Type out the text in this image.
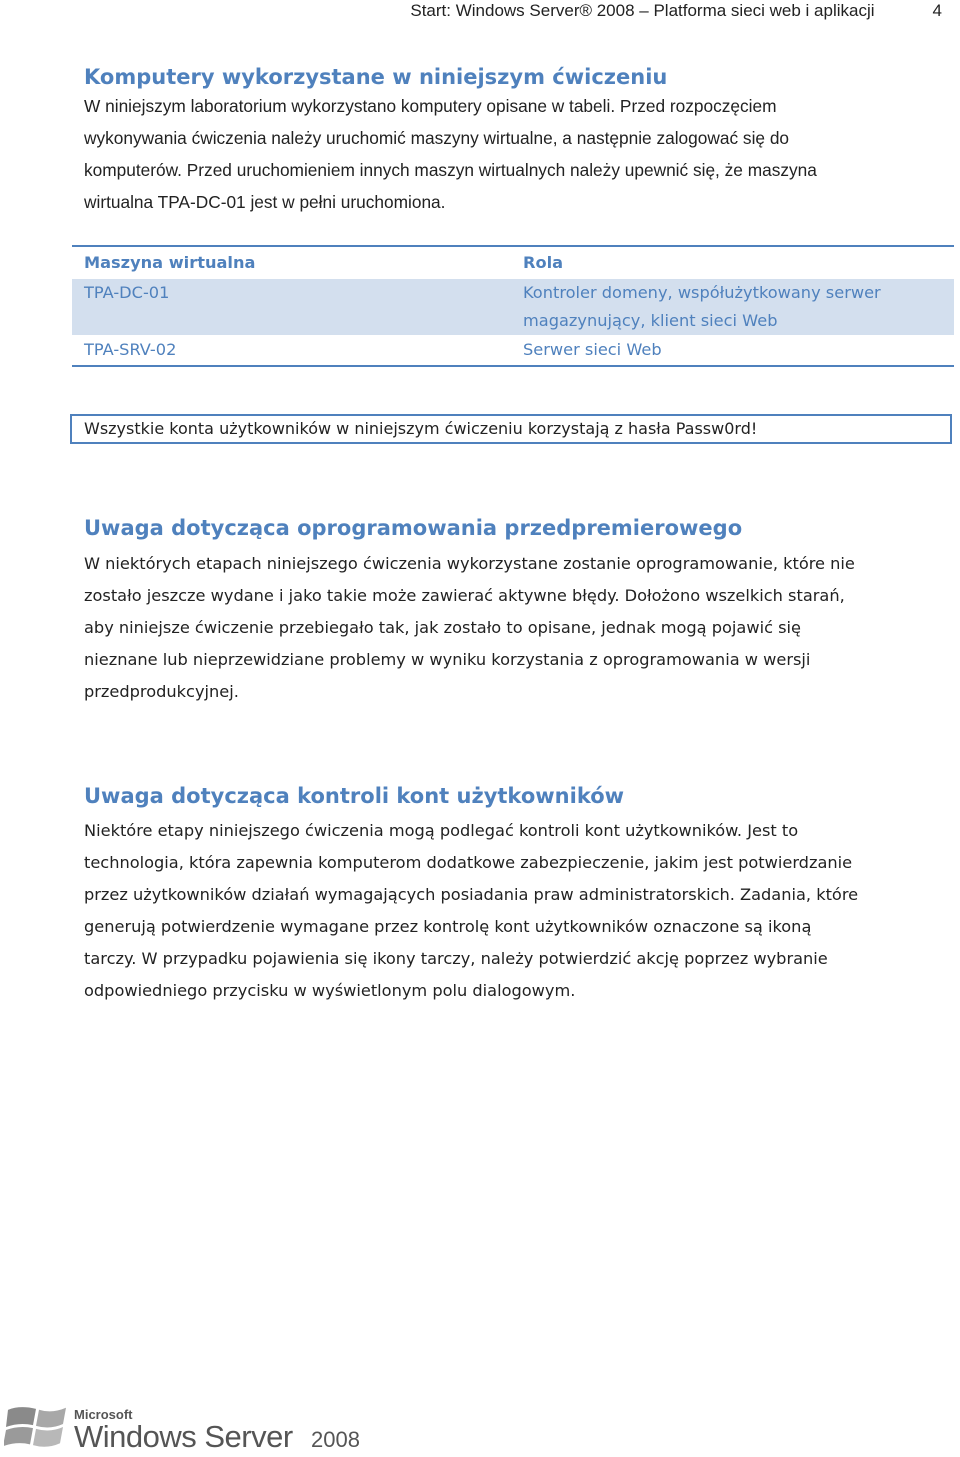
Start: Windows Server® 2008 – Platforma sieci web i aplikacji	4
Komputery wykorzystane w niniejszym ćwiczeniu

W niniejszym laboratorium wykorzystano komputery opisane w tabeli. Przed rozpoczęciem
wykonywania ćwiczenia należy uruchomić maszyny wirtualne, a następnie zalogować się do
komputerów. Przed uruchomieniem innych maszyn wirtualnych należy upewnić się, że maszyna
wirtualna TPA-DC-01 jest w pełni uruchomiona.

Maszyna wirtualna	Rola
TPA-DC-01	Kontroler domeny, współużytkowany serwer
magazynujący, klient sieci Web
TPA-SRV-02	Serwer sieci Web
Wszystkie konta użytkowników w niniejszym ćwiczeniu korzystają z hasła Passw0rd!
Uwaga dotycząca oprogramowania przedpremierowego

W niektórych etapach niniejszego ćwiczenia wykorzystane zostanie oprogramowanie, które nie
zostało jeszcze wydane i jako takie może zawierać aktywne błędy. Dołożono wszelkich starań,
aby niniejsze ćwiczenie przebiegało tak, jak zostało to opisane, jednak mogą pojawić się
nieznane lub nieprzewidziane problemy w wyniku korzystania z oprogramowania w wersji
przedprodukcyjnej.

Uwaga dotycząca kontroli kont użytkowników

Niektóre etapy niniejszego ćwiczenia mogą podlegać kontroli kont użytkowników. Jest to
technologia, która zapewnia komputerom dodatkowe zabezpieczenie, jakim jest potwierdzanie
przez użytkowników działań wymagających posiadania praw administratorskich. Zadania, które
generują potwierdzenie wymagane przez kontrolę kont użytkowników oznaczone są ikoną
tarczy. W przypadku pojawienia się ikony tarczy, należy potwierdzić akcję poprzez wybranie
odpowiedniego przycisku w wyświetlonym polu dialogowym.

Microsoft
Windows Server 2008
